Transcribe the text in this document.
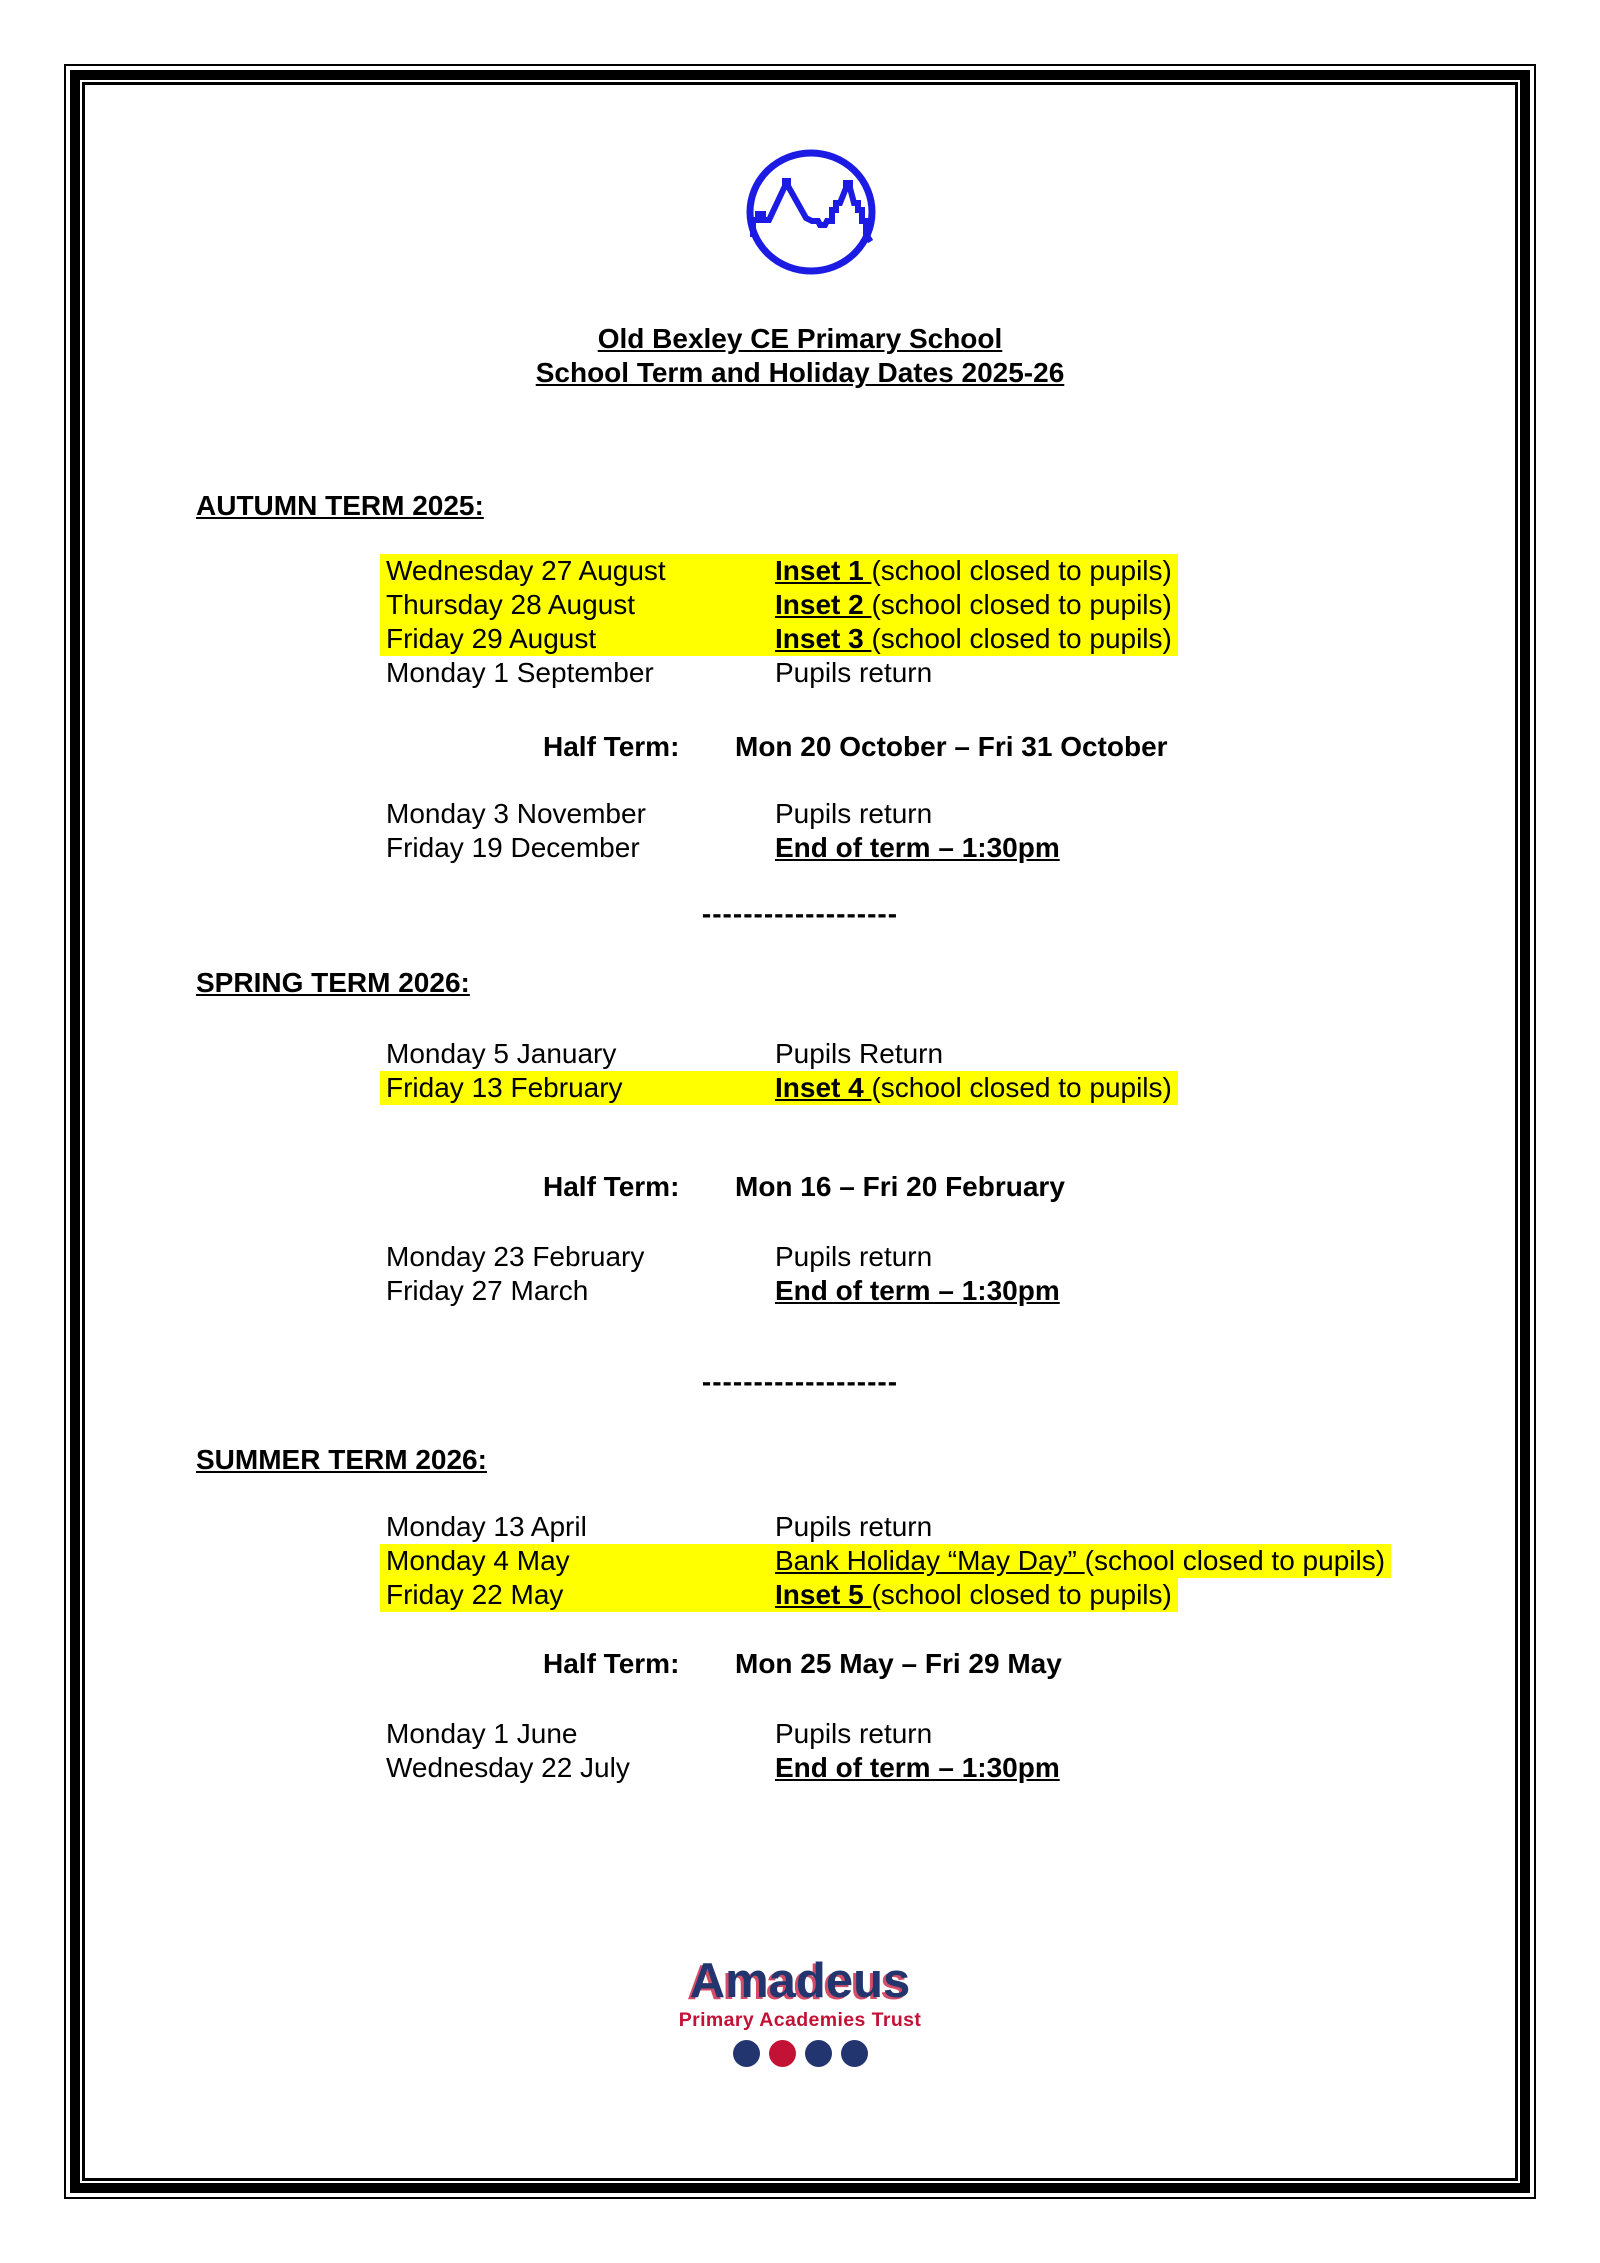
Old Bexley CE Primary School
School Term and Holiday Dates 2025-26
AUTUMN TERM 2025:
Wednesday 27 August	Inset 1 (school closed to pupils)
Thursday 28 August	Inset 2 (school closed to pupils)
Friday 29 August	Inset 3 (school closed to pupils)
Monday 1 September	Pupils return
Half Term: Mon 20 October – Fri 31 October
Monday 3 November	Pupils return
Friday 19 December	End of term – 1:30pm
-------------------
SPRING TERM 2026:
Monday 5 January	Pupils Return
Friday 13 February	Inset 4 (school closed to pupils)
Half Term: Mon 16 – Fri 20 February
Monday 23 February	Pupils return
Friday 27 March	End of term – 1:30pm
-------------------
SUMMER TERM 2026:
Monday 13 April	Pupils return
Monday 4 May	Bank Holiday “May Day” (school closed to pupils)
Friday 22 May	Inset 5 (school closed to pupils)
Half Term: Mon 25 May – Fri 29 May
Monday 1 June	Pupils return
Wednesday 22 July	End of term – 1:30pm
Amadeus
Primary Academies Trust
